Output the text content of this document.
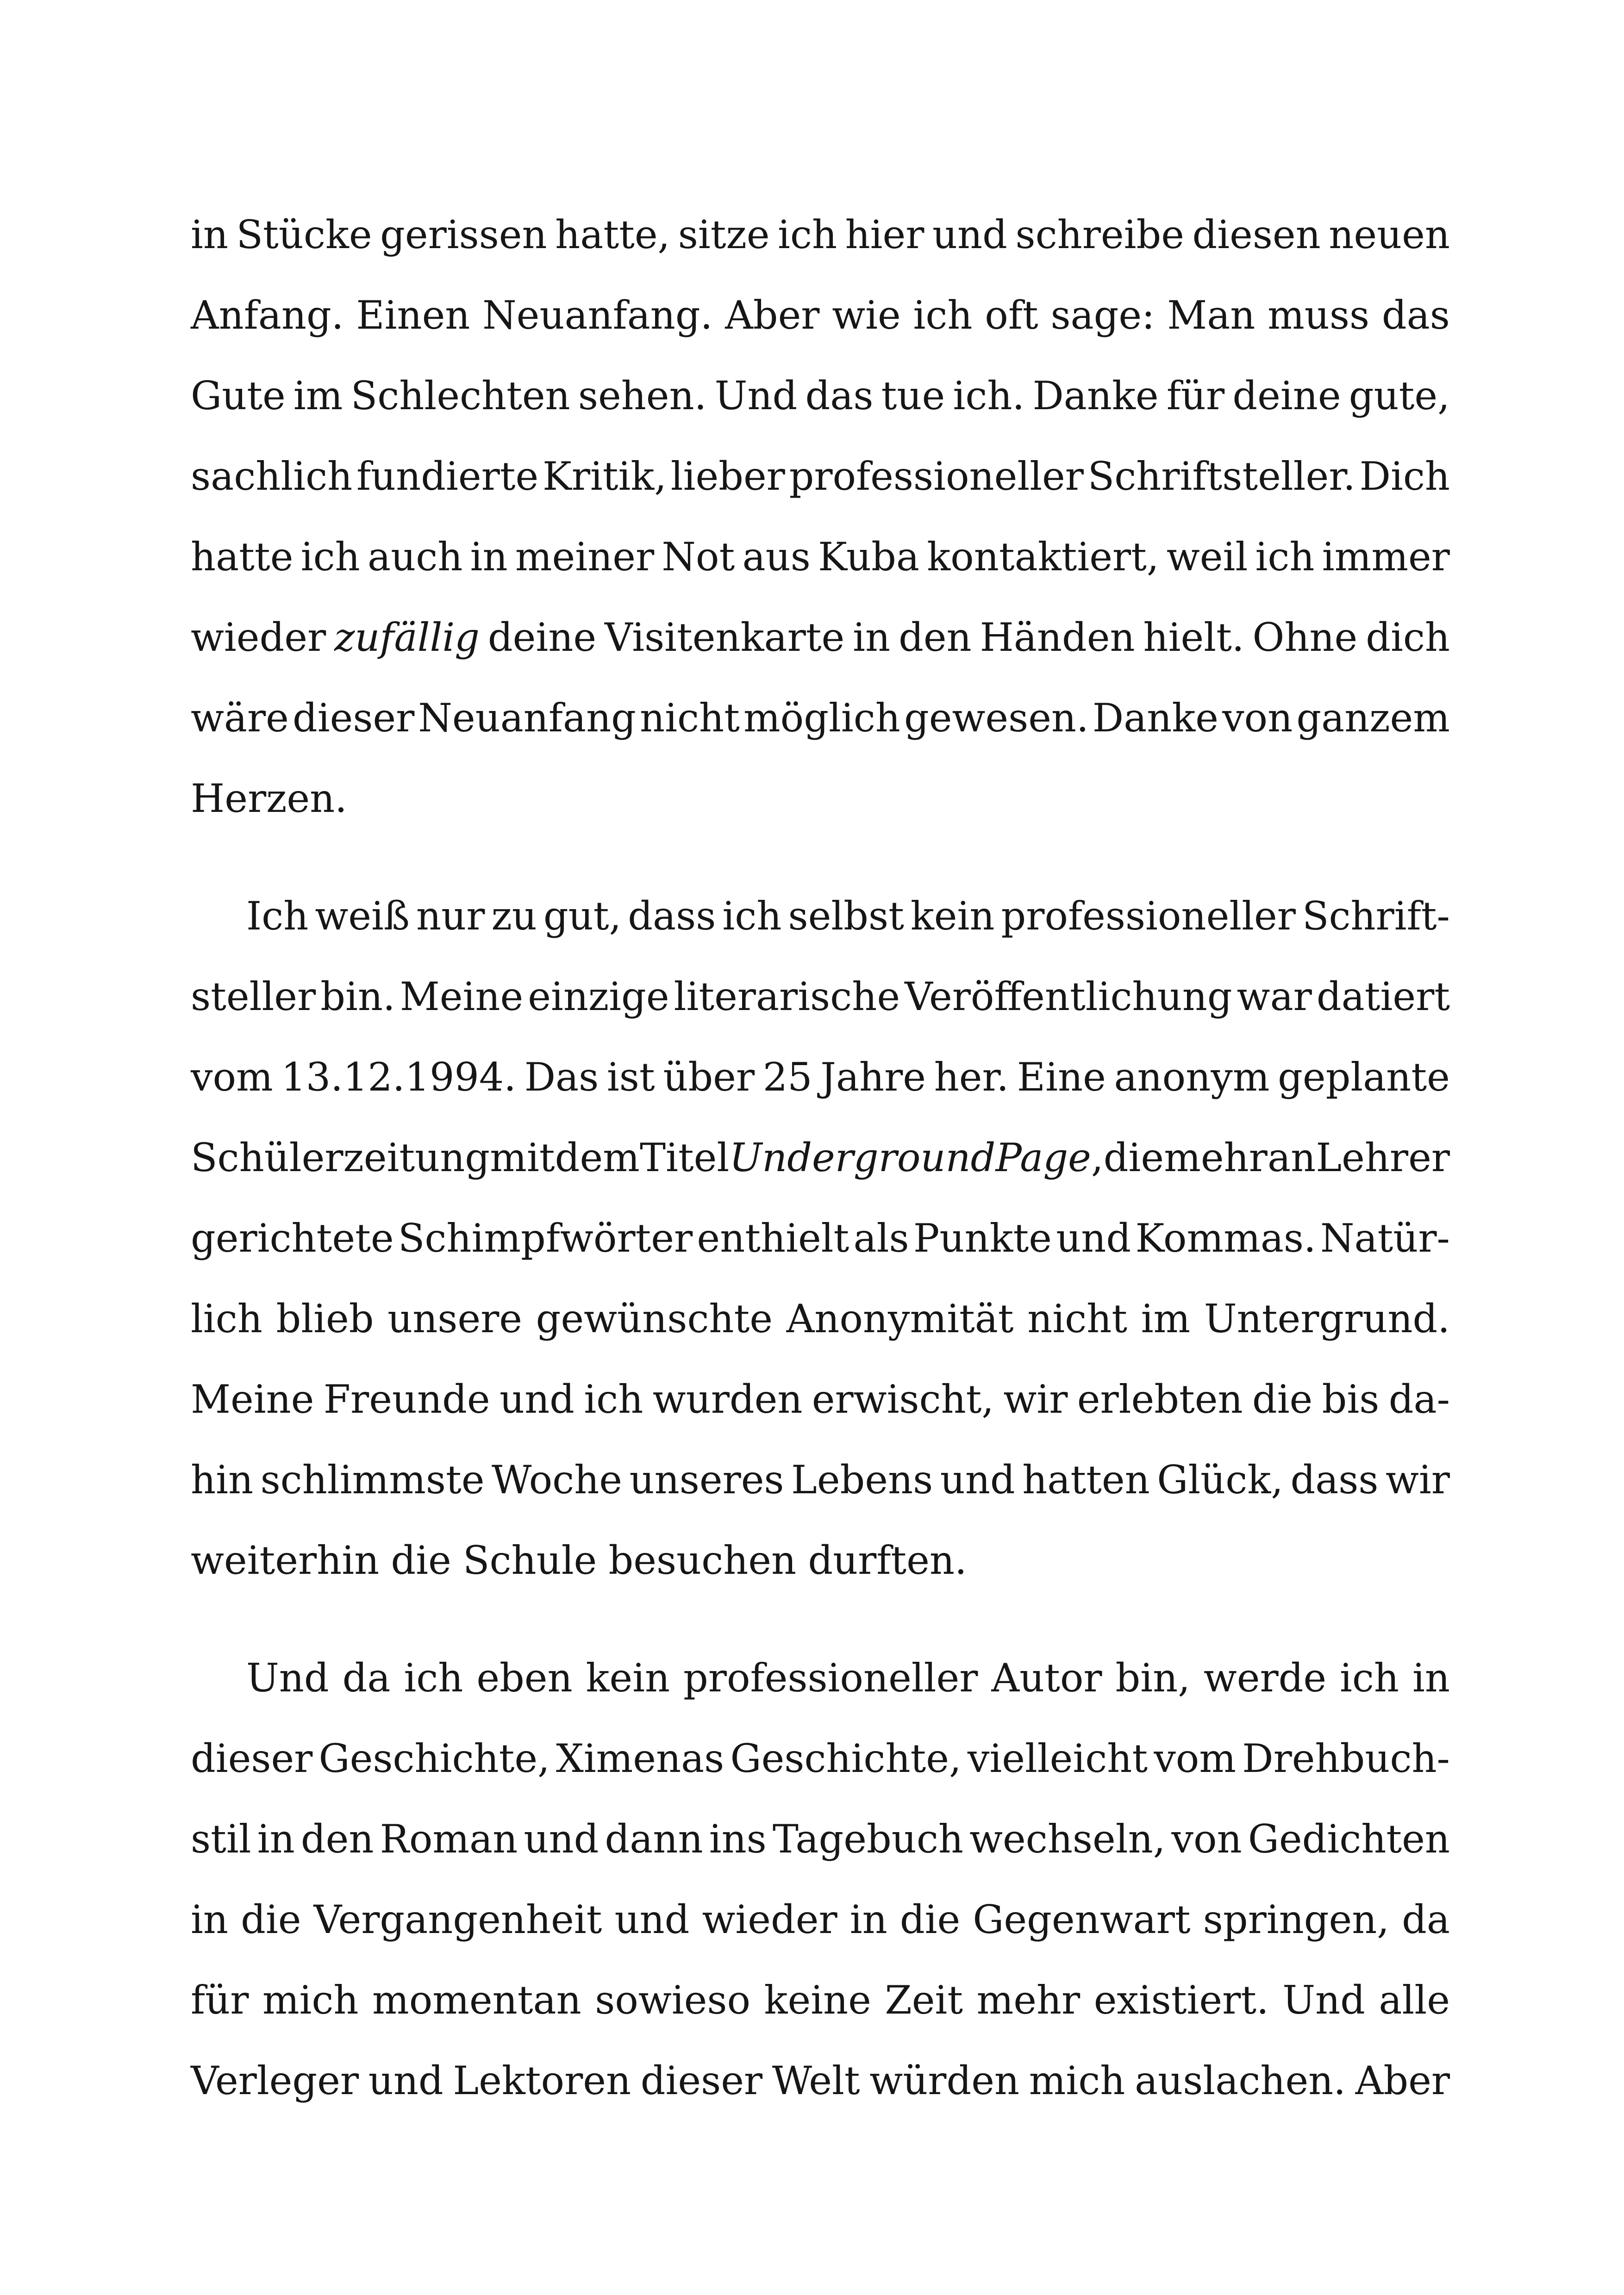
in Stücke gerissen hatte, sitze ich hier und schreibe diesen neuen
Anfang. Einen Neuanfang. Aber wie ich oft sage: Man muss das
Gute im Schlechten sehen. Und das tue ich. Danke für deine gute,
sachlich fundierte Kritik, lieber professioneller Schriftsteller. Dich
hatte ich auch in meiner Not aus Kuba kontaktiert, weil ich immer
wieder zufällig deine Visitenkarte in den Händen hielt. Ohne dich
wäre dieser Neuanfang nicht möglich gewesen. Danke von ganzem
Herzen.
Ich weiß nur zu gut, dass ich selbst kein professioneller Schrift-
steller bin. Meine einzige literarische Veröffentlichung war datiert
vom 13.12.1994. Das ist über 25 Jahre her. Eine anonym geplante
Schülerzeitung mit dem Titel Underground Page, die mehr an Lehrer
gerichtete Schimpfwörter enthielt als Punkte und Kommas. Natür-
lich blieb unsere gewünschte Anonymität nicht im Untergrund.
Meine Freunde und ich wurden erwischt, wir erlebten die bis da-
hin schlimmste Woche unseres Lebens und hatten Glück, dass wir
weiterhin die Schule besuchen durften.
Und da ich eben kein professioneller Autor bin, werde ich in
dieser Geschichte, Ximenas Geschichte, vielleicht vom Drehbuch-
stil in den Roman und dann ins Tagebuch wechseln, von Gedichten
in die Vergangenheit und wieder in die Gegenwart springen, da
für mich momentan sowieso keine Zeit mehr existiert. Und alle
Verleger und Lektoren dieser Welt würden mich auslachen. Aber
